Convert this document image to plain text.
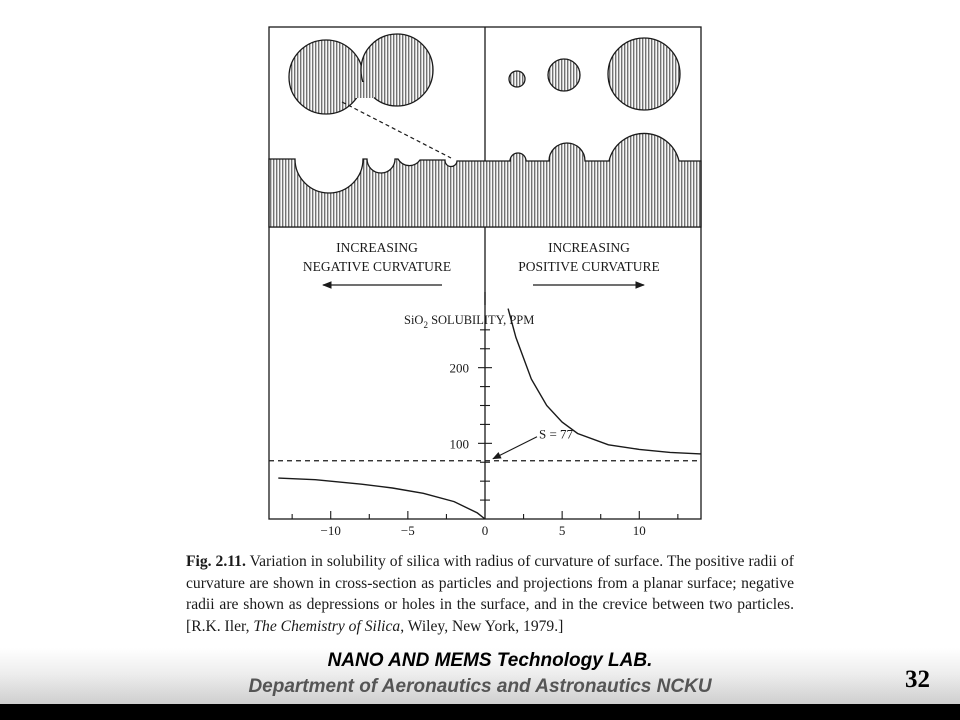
INCREASING
NEGATIVE CURVATURE
INCREASING
POSITIVE CURVATURE
SiO$_2$ SOLUBILITY, PPM
100
200
−10	−5	0	5	10
S = 77

Fig. 2.11. Variation in solubility of silica with radius of curvature of surface. The positive radii of curvature are shown in cross-section as particles and projections from a planar surface; negative radii are shown as depressions or holes in the surface, and in the crevice between two particles. [R.K. Iler, The Chemistry of Silica, Wiley, New York, 1979.]

NANO AND MEMS Technology LAB.
Department of Aeronautics and Astronautics NCKU	32
